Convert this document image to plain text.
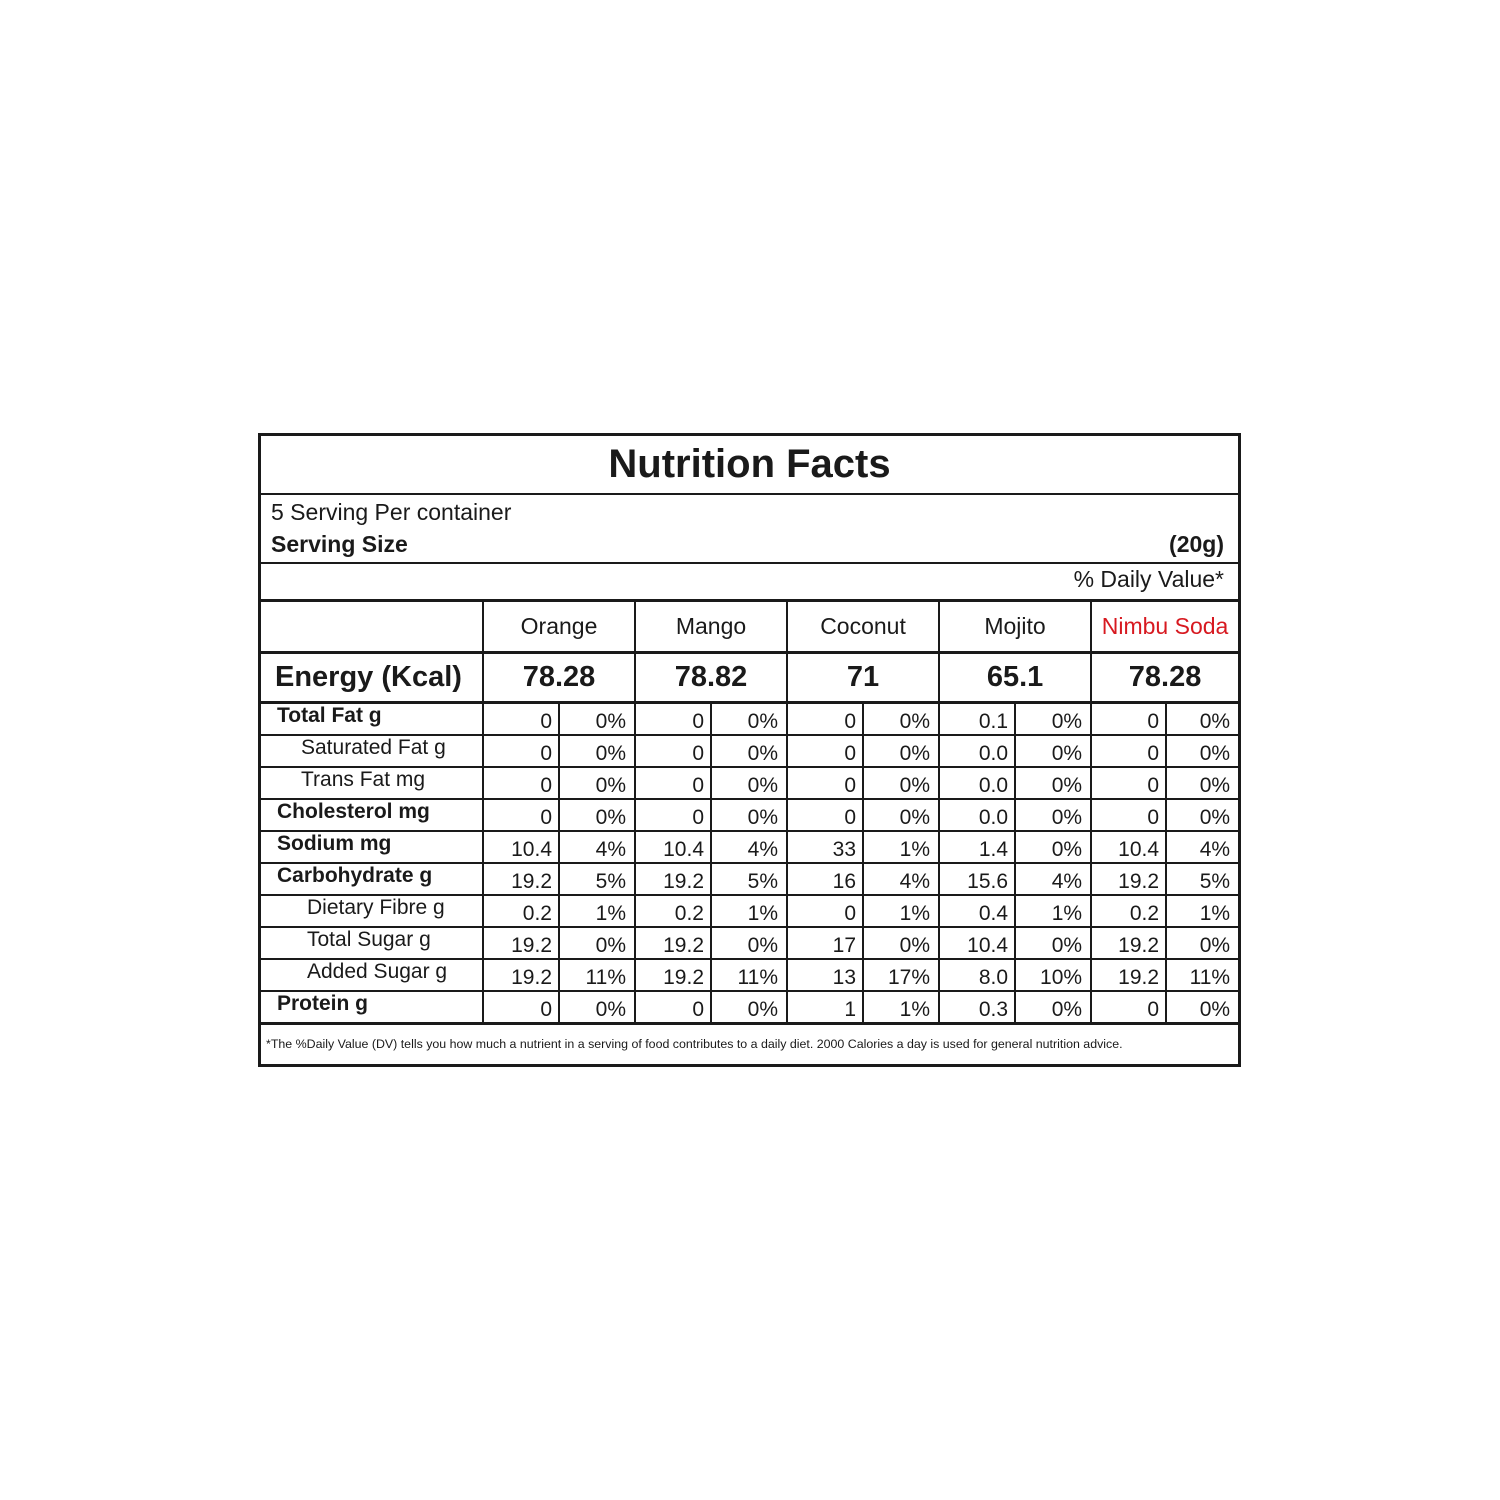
Nutrition Facts
5 Serving Per container
Serving Size	(20g)
% Daily Value*
	Orange		Mango		Coconut		Mojito		Nimbu Soda	
Energy (Kcal)	78.28		78.82		71		65.1		78.28	
Total Fat g	0	0%	0	0%	0	0%	0.1	0%	0	0%
Saturated Fat g	0	0%	0	0%	0	0%	0.0	0%	0	0%
Trans Fat mg	0	0%	0	0%	0	0%	0.0	0%	0	0%
Cholesterol mg	0	0%	0	0%	0	0%	0.0	0%	0	0%
Sodium mg	10.4	4%	10.4	4%	33	1%	1.4	0%	10.4	4%
Carbohydrate g	19.2	5%	19.2	5%	16	4%	15.6	4%	19.2	5%
Dietary Fibre g	0.2	1%	0.2	1%	0	1%	0.4	1%	0.2	1%
Total Sugar g	19.2	0%	19.2	0%	17	0%	10.4	0%	19.2	0%
Added Sugar g	19.2	11%	19.2	11%	13	17%	8.0	10%	19.2	11%
Protein g	0	0%	0	0%	1	1%	0.3	0%	0	0%
*The %Daily Value (DV) tells you how much a nutrient in a serving of food contributes to a daily diet. 2000 Calories a day is used for general nutrition advice.
